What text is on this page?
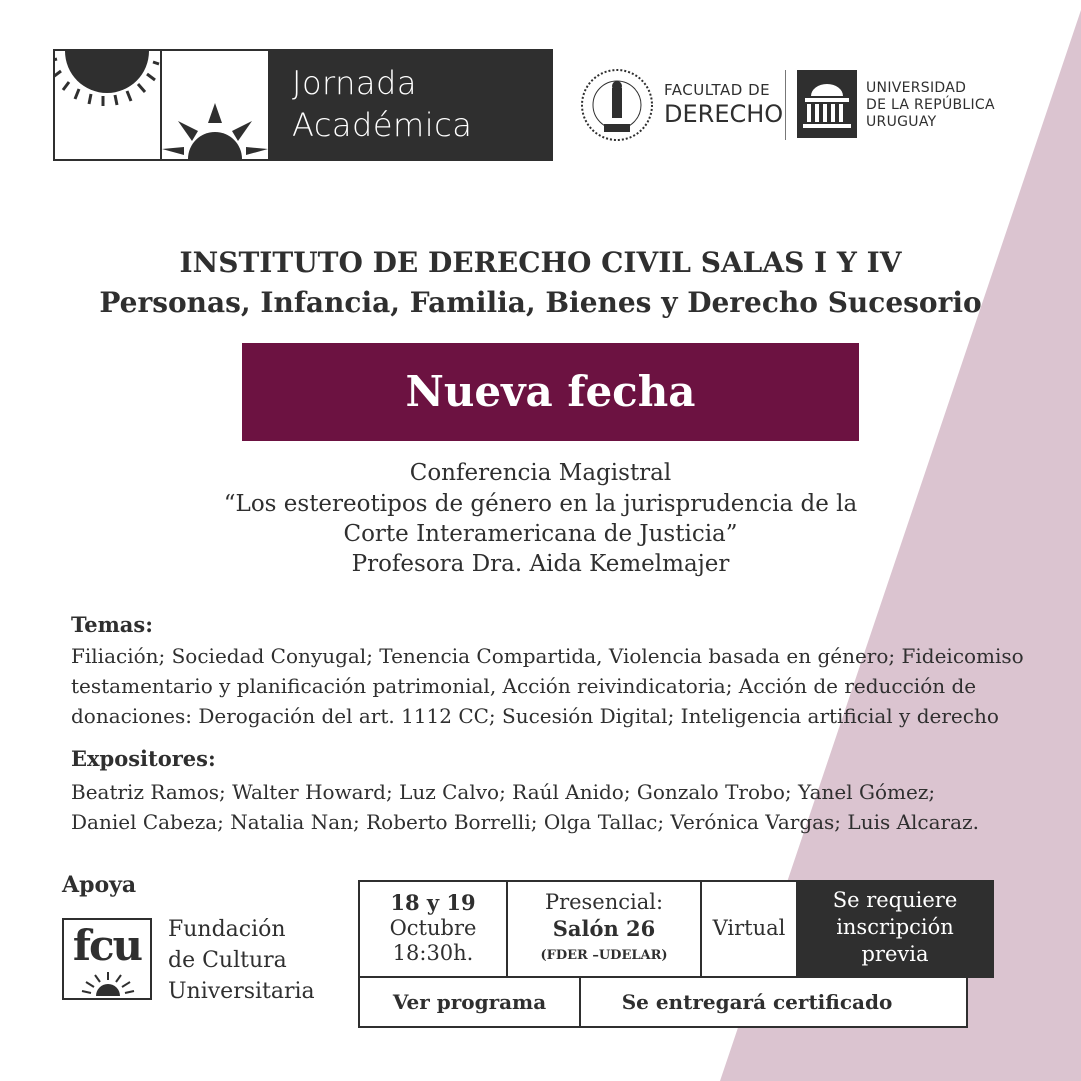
Jornada
Académica
FACULTAD DE
DERECHO
UNIVERSIDAD
DE LA REPÚBLICA
URUGUAY
INSTITUTO DE DERECHO CIVIL SALAS I Y IV
Personas, Infancia, Familia, Bienes y Derecho Sucesorio
Nueva fecha
Conferencia Magistral
“Los estereotipos de género en la jurisprudencia de la
Corte Interamericana de Justicia”
Profesora Dra. Aida Kemelmajer
Temas:
Filiación; Sociedad Conyugal; Tenencia Compartida, Violencia basada en género; Fideicomiso
testamentario y planificación patrimonial, Acción reivindicatoria; Acción de reducción de
donaciones: Derogación del art. 1112 CC; Sucesión Digital; Inteligencia artificial y derecho
Expositores:
Beatriz Ramos; Walter Howard; Luz Calvo; Raúl Anido; Gonzalo Trobo; Yanel Gómez;
Daniel Cabeza; Natalia Nan; Roberto Borrelli; Olga Tallac; Verónica Vargas; Luis Alcaraz.
Apoya
fcu	Fundación
de Cultura
Universitaria
18 y 19
Octubre
18:30h.
Presencial:
Salón 26
(FDER –UDELAR)
Virtual
Se requiere
inscripción
previa
Ver programa	Se entregará certificado
